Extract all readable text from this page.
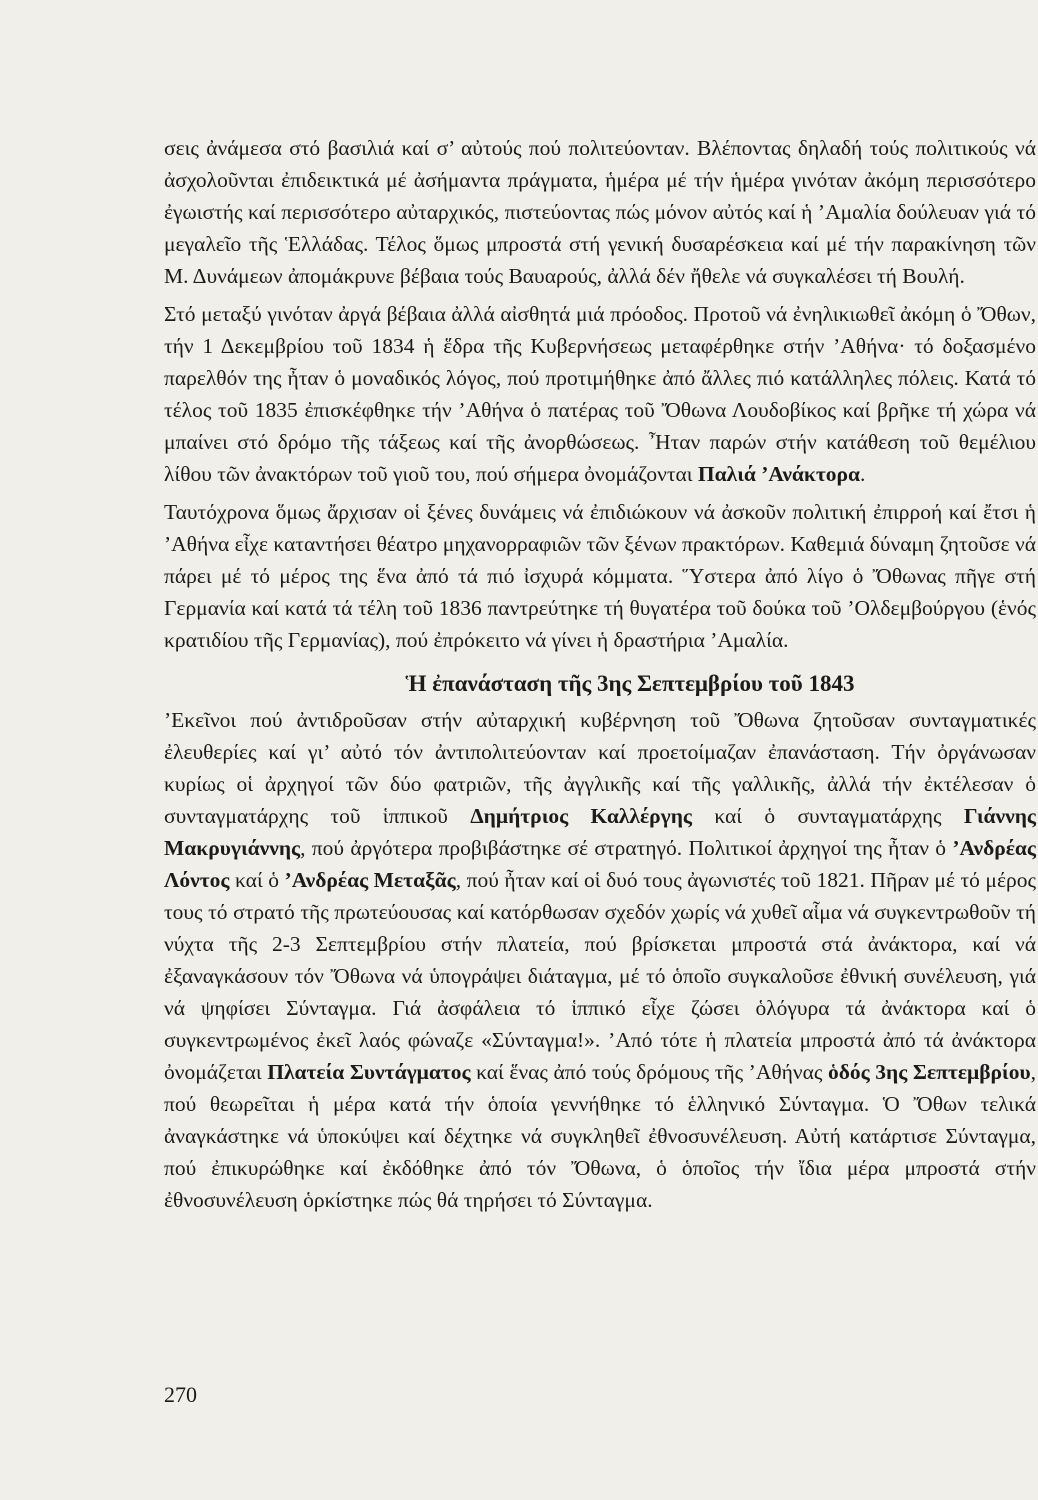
σεις ἀνάμεσα στό βασιλιά καί σ’ αὐτούς πού πολιτεύονταν. Βλέποντας δηλαδή τούς πολιτικούς νά ἀσχολοῦνται ἐπιδεικτικά μέ ἀσήμαντα πράγματα, ἡμέρα μέ τήν ἡμέρα γινόταν ἀκόμη περισσότερο ἐγωιστής καί περισσότερο αὐταρχικός, πιστεύοντας πώς μόνον αὐτός καί ἡ ’Αμαλία δούλευαν γιά τό μεγαλεῖο τῆς Ἑλλάδας. Τέλος ὅμως μπροστά στή γενική δυσαρέσκεια καί μέ τήν παρακίνηση τῶν Μ. Δυνάμεων ἀπομάκρυνε βέβαια τούς Βαυαρούς, ἀλλά δέν ἤθελε νά συγκαλέσει τή Βουλή.

Στό μεταξύ γινόταν ἀργά βέβαια ἀλλά αἰσθητά μιά πρόοδος. Προτοῦ νά ἐνηλικιωθεῖ ἀκόμη ὁ Ὄθων, τήν 1 Δεκεμβρίου τοῦ 1834 ἡ ἕδρα τῆς Κυβερνήσεως μεταφέρθηκε στήν ’Αθήνα· τό δοξασμένο παρελθόν της ἦταν ὁ μοναδικός λόγος, πού προτιμήθηκε ἀπό ἄλλες πιό κατάλληλες πόλεις. Κατά τό τέλος τοῦ 1835 ἐπισκέφθηκε τήν ’Αθήνα ὁ πατέρας τοῦ Ὄθωνα Λουδοβίκος καί βρῆκε τή χώρα νά μπαίνει στό δρόμο τῆς τάξεως καί τῆς ἀνορθώσεως. Ἦταν παρών στήν κατάθεση τοῦ θεμέλιου λίθου τῶν ἀνακτόρων τοῦ γιοῦ του, πού σήμερα ὀνομάζονται Παλιά ’Ανάκτορα.

Ταυτόχρονα ὅμως ἄρχισαν οἱ ξένες δυνάμεις νά ἐπιδιώκουν νά ἀσκοῦν πολιτική ἐπιρροή καί ἔτσι ἡ ’Αθήνα εἶχε καταντήσει θέατρο μηχανορραφιῶν τῶν ξένων πρακτόρων. Καθεμιά δύναμη ζητοῦσε νά πάρει μέ τό μέρος της ἕνα ἀπό τά πιό ἰσχυρά κόμματα. Ὕστερα ἀπό λίγο ὁ Ὄθωνας πῆγε στή Γερμανία καί κατά τά τέλη τοῦ 1836 παντρεύτηκε τή θυγατέρα τοῦ δούκα τοῦ ’Ολδεμβούργου (ἑνός κρατιδίου τῆς Γερμανίας), πού ἐπρόκειτο νά γίνει ἡ δραστήρια ’Αμαλία.

Ἡ ἐπανάσταση τῆς 3ης Σεπτεμβρίου τοῦ 1843

’Εκεῖνοι πού ἀντιδροῦσαν στήν αὐταρχική κυβέρνηση τοῦ Ὄθωνα ζητοῦσαν συνταγματικές ἐλευθερίες καί γι’ αὐτό τόν ἀντιπολιτεύονταν καί προετοίμαζαν ἐπανάσταση. Τήν ὀργάνωσαν κυρίως οἱ ἀρχηγοί τῶν δύο φατριῶν, τῆς ἀγγλικῆς καί τῆς γαλλικῆς, ἀλλά τήν ἐκτέλεσαν ὁ συνταγματάρχης τοῦ ἱππικοῦ Δημήτριος Καλλέργης καί ὁ συνταγματάρχης Γιάννης Μακρυγιάννης, πού ἀργότερα προβιβάστηκε σέ στρατηγό. Πολιτικοί ἀρχηγοί της ἦταν ὁ ’Ανδρέας Λόντος καί ὁ ’Ανδρέας Μεταξᾶς, πού ἦταν καί οἱ δυό τους ἀγωνιστές τοῦ 1821. Πῆραν μέ τό μέρος τους τό στρατό τῆς πρωτεύουσας καί κατόρθωσαν σχεδόν χωρίς νά χυθεῖ αἷμα νά συγκεντρωθοῦν τή νύχτα τῆς 2-3 Σεπτεμβρίου στήν πλατεία, πού βρίσκεται μπροστά στά ἀνάκτορα, καί νά ἐξαναγκάσουν τόν Ὄθωνα νά ὑπογράψει διάταγμα, μέ τό ὁποῖο συγκαλοῦσε ἐθνική συνέλευση, γιά νά ψηφίσει Σύνταγμα. Γιά ἀσφάλεια τό ἱππικό εἶχε ζώσει ὁλόγυρα τά ἀνάκτορα καί ὁ συγκεντρωμένος ἐκεῖ λαός φώναζε «Σύνταγμα!». ’Από τότε ἡ πλατεία μπροστά ἀπό τά ἀνάκτορα ὀνομάζεται Πλατεία Συντάγματος καί ἕνας ἀπό τούς δρόμους τῆς ’Αθήνας ὁδός 3ης Σεπτεμβρίου, πού θεωρεῖται ἡ μέρα κατά τήν ὁποία γεννήθηκε τό ἑλληνικό Σύνταγμα. Ὁ Ὄθων τελικά ἀναγκάστηκε νά ὑποκύψει καί δέχτηκε νά συγκληθεῖ ἐθνοσυνέλευση. Αὐτή κατάρτισε Σύνταγμα, πού ἐπικυρώθηκε καί ἐκδόθηκε ἀπό τόν Ὄθωνα, ὁ ὁποῖος τήν ἴδια μέρα μπροστά στήν ἐθνοσυνέλευση ὁρκίστηκε πώς θά τηρήσει τό Σύνταγμα.

270
